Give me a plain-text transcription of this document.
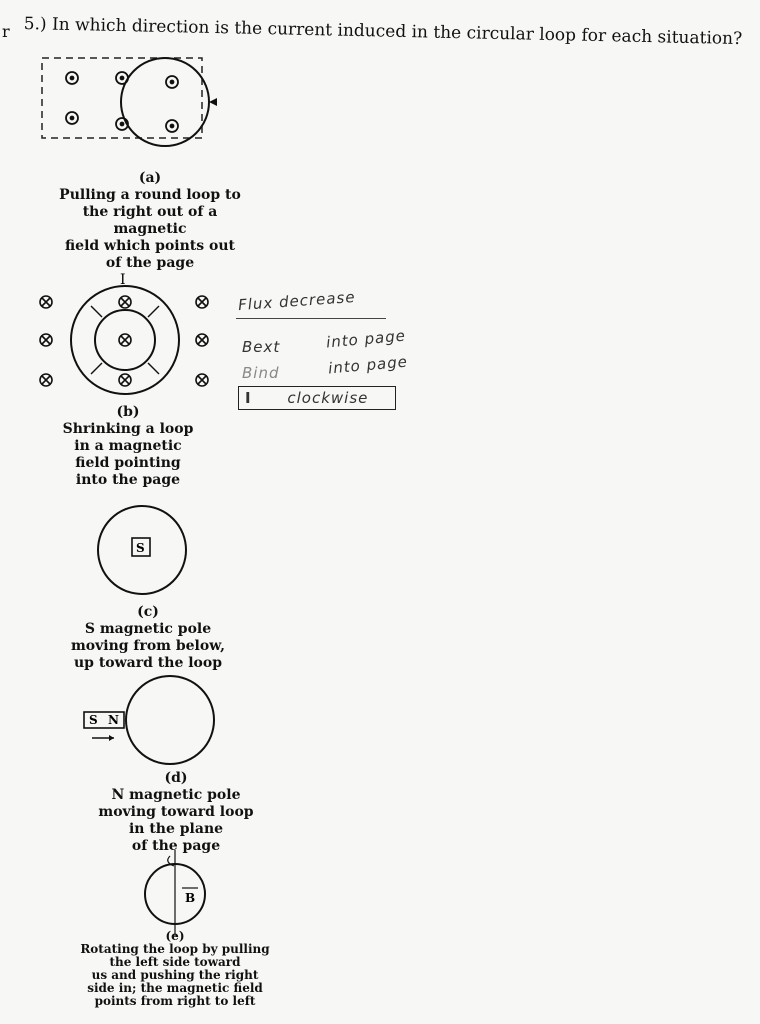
r 5.) In which direction is the current induced in the circular loop for each situation?
(a)
Pulling a round loop to
the right out of a magnetic
field which points out
of the page
I
(b)
Shrinking a loop
in a magnetic
field pointing
into the page
Flux decrease
Bext	into page
Bind	into page
I clockwise
S
(c)
S magnetic pole
moving from below,
up toward the loop
S N
(d)
N magnetic pole
moving toward loop
in the plane
of the page
B
(e)
Rotating the loop by pulling
the left side toward
us and pushing the right
side in; the magnetic field
points from right to left
